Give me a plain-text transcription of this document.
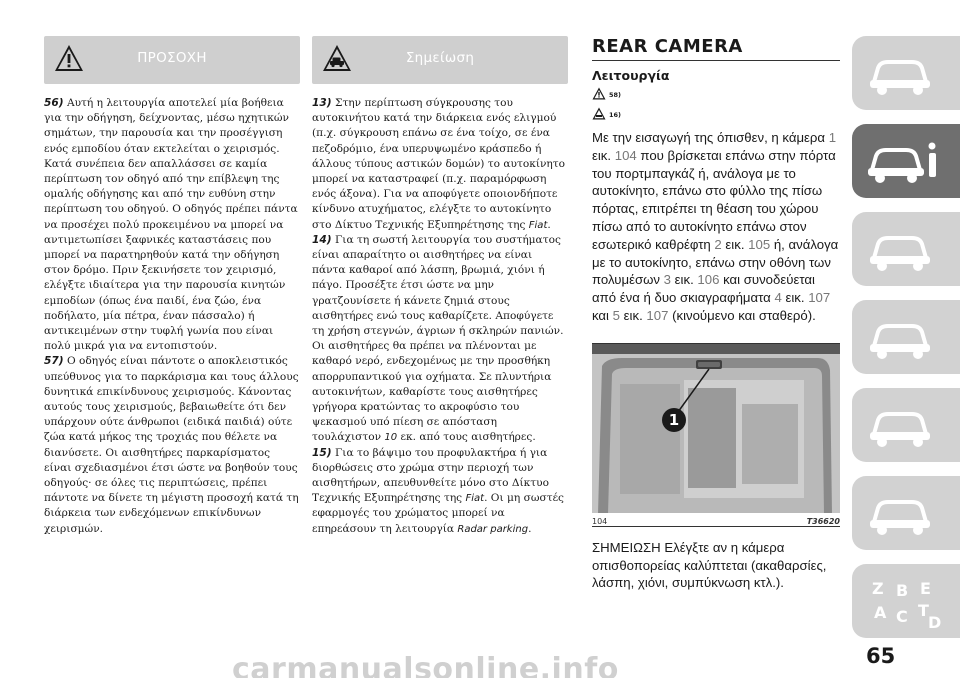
ΠΡΟΣΟΧΗ

56) Αυτή η λειτουργία αποτελεί μία βοήθεια για την οδήγηση, δείχνοντας, μέσω ηχητικών σημάτων, την παρουσία και την προσέγγιση ενός εμποδίου όταν εκτελείται ο χειρισμός. Κατά συνέπεια δεν απαλλάσσει σε καμία περίπτωση τον οδηγό από την επίβλεψη της ομαλής οδήγησης και από την ευθύνη στην περίπτωση του οδηγού. Ο οδηγός πρέπει πάντα να προσέχει πολύ προκειμένου να μπορεί να αντιμετωπίσει ξαφνικές καταστάσεις που μπορεί να παρατηρηθούν κατά την οδήγηση στον δρόμο. Πριν ξεκινήσετε τον χειρισμό, ελέγξτε ιδιαίτερα για την παρουσία κινητών εμποδίων (όπως ένα παιδί, ένα ζώο, ένα ποδήλατο, μία πέτρα, έναν πάσσαλο) ή αντικειμένων στην τυφλή γωνία που είναι πολύ μικρά για να εντοπιστούν.

57) Ο οδηγός είναι πάντοτε ο αποκλειστικός υπεύθυνος για το παρκάρισμα και τους άλλους δυνητικά επικίνδυνους χειρισμούς. Κάνοντας αυτούς τους χειρισμούς, βεβαιωθείτε ότι δεν υπάρχουν ούτε άνθρωποι (ειδικά παιδιά) ούτε ζώα κατά μήκος της τροχιάς που θέλετε να διανύσετε. Οι αισθητήρες παρκαρίσματος είναι σχεδιασμένοι έτσι ώστε να βοηθούν τους οδηγούς· σε όλες τις περιπτώσεις, πρέπει πάντοτε να δίνετε τη μέγιστη προσοχή κατά τη διάρκεια των ενδεχόμενων επικίνδυνων χειρισμών.

Σημείωση

13) Στην περίπτωση σύγκρουσης του αυτοκινήτου κατά την διάρκεια ενός ελιγμού (π.χ. σύγκρουση επάνω σε ένα τοίχο, σε ένα πεζοδρόμιο, ένα υπερυψωμένο κράσπεδο ή άλλους τύπους αστικών δομών) το αυτοκίνητο μπορεί να καταστραφεί (π.χ. παραμόρφωση ενός άξονα). Για να αποφύγετε οποιονδήποτε κίνδυνο ατυχήματος, ελέγξτε το αυτοκίνητο στο Δίκτυο Τεχνικής Εξυπηρέτησης της Fiat.

14) Για τη σωστή λειτουργία του συστήματος είναι απαραίτητο οι αισθητήρες να είναι πάντα καθαροί από λάσπη, βρωμιά, χιόνι ή πάγο. Προσέξτε έτσι ώστε να μην γρατζουνίσετε ή κάνετε ζημιά στους αισθητήρες ενώ τους καθαρίζετε. Αποφύγετε τη χρήση στεγνών, άγριων ή σκληρών πανιών. Οι αισθητήρες θα πρέπει να πλένονται με καθαρό νερό, ενδεχομένως με την προσθήκη απορρυπαντικού για οχήματα. Σε πλυντήρια αυτοκινήτων, καθαρίστε τους αισθητήρες γρήγορα κρατώντας το ακροφύσιο του ψεκασμού υπό πίεση σε απόσταση τουλάχιστον 10 εκ. από τους αισθητήρες.

15) Για το βάψιμο του προφυλακτήρα ή για διορθώσεις στο χρώμα στην περιοχή των αισθητήρων, απευθυνθείτε μόνο στο Δίκτυο Τεχνικής Εξυπηρέτησης της Fiat. Οι μη σωστές εφαρμογές του χρώματος μπορεί να επηρεάσουν τη λειτουργία Radar parking.

REAR CAMERA
Λειτουργία
58)
16)
Με την εισαγωγή της όπισθεν, η κάμερα 1 εικ. 104 που βρίσκεται επάνω στην πόρτα του πορτμπαγκάζ ή, ανάλογα με το αυτοκίνητο, επάνω στο φύλλο της πίσω πόρτας, επιτρέπει τη θέαση του χώρου πίσω από το αυτοκίνητο επάνω στον εσωτερικό καθρέφτη 2 εικ. 105 ή, ανάλογα με το αυτοκίνητο, επάνω στην οθόνη των πολυμέσων 3 εικ. 106 και συνοδεύεται από ένα ή δυο σκιαγραφήματα 4 εικ. 107 και 5 εικ. 107 (κινούμενο και σταθερό).
1
104	T36620
ΣΗΜΕΙΩΣΗ Ελέγξτε αν η κάμερα οπισθοπορείας καλύπτεται (ακαθαρσίες, λάσπη, χιόνι, συμπύκνωση κτλ.).	Z B E
A C T
D
65
carmanualsonline.info
